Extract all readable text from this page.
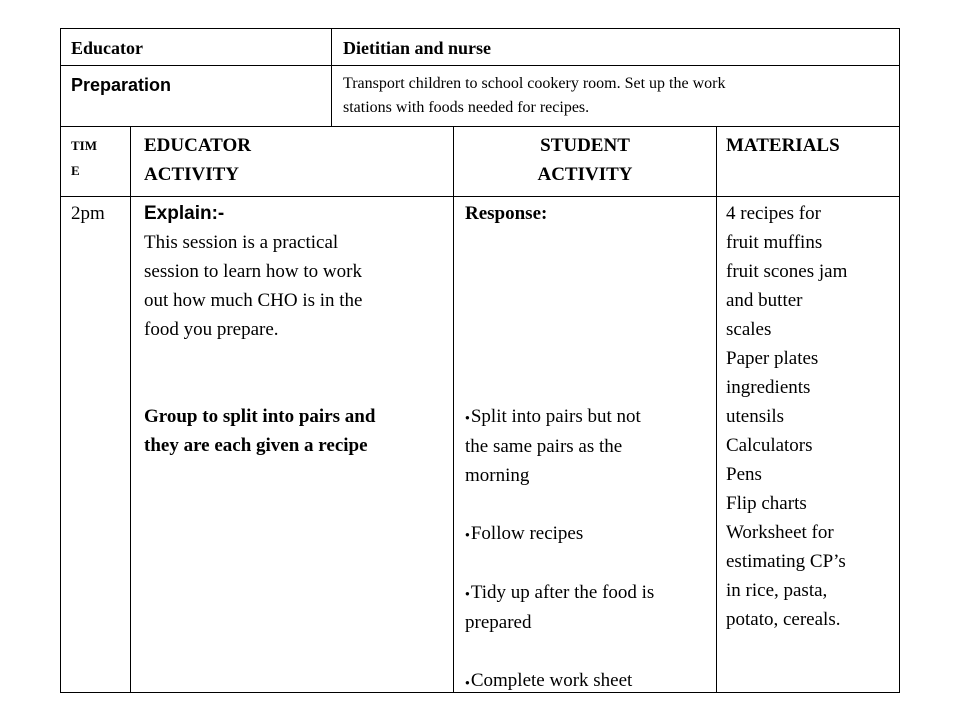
Educator	Dietitian and nurse
Preparation	Transport children to school cookery room. Set up the work
stations with foods needed for recipes.
TIM
E
EDUCATOR
ACTIVITY
STUDENT
ACTIVITY
MATERIALS
2pm Explain:-
This session is a practical
session to learn how to work
out how much CHO is in the
food you prepare.
Group to split into pairs and
they are each given a recipe
Response:
●Split into pairs but not
the same pairs as the
morning
●Follow recipes
●Tidy up after the food is
prepared
●Complete work sheet
4 recipes for
fruit muffins
fruit scones jam
and butter
scales
Paper plates
ingredients
utensils
Calculators
Pens
Flip charts
Worksheet for
estimating CP’s
in rice, pasta,
potato, cereals.
